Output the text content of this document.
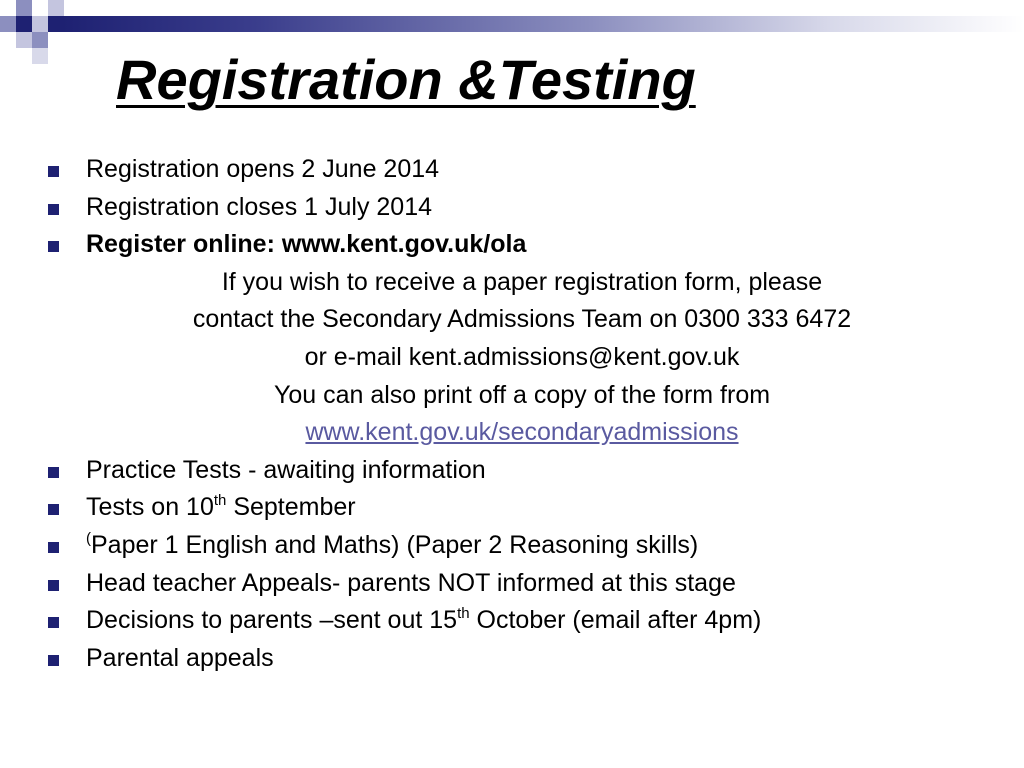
Registration &Testing
Registration opens 2 June 2014
Registration closes 1 July 2014
Register online: www.kent.gov.uk/ola
If you wish to receive a paper registration form, please
contact the Secondary Admissions Team on 0300 333 6472
or e-mail kent.admissions@kent.gov.uk
You can also print off a copy of the form from
www.kent.gov.uk/secondaryadmissions
Practice Tests - awaiting information
Tests on 10th September
(Paper 1 English and Maths) (Paper 2 Reasoning skills)
Head teacher Appeals- parents NOT informed at this stage
Decisions to parents –sent out 15th October (email after 4pm)
Parental appeals
